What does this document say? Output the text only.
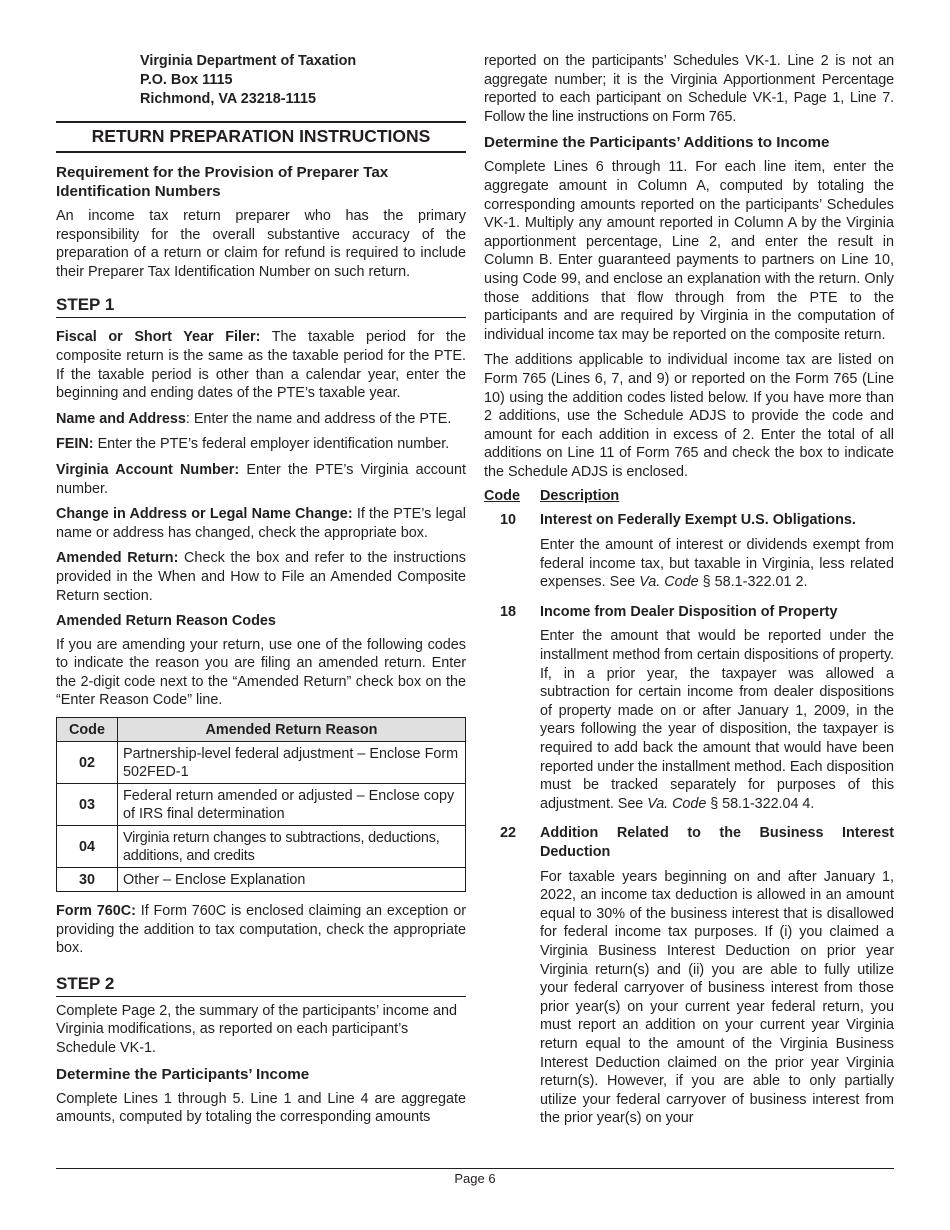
Virginia Department of Taxation
P.O. Box 1115
Richmond, VA 23218-1115
RETURN PREPARATION INSTRUCTIONS
Requirement for the Provision of Preparer Tax Identification Numbers

An income tax return preparer who has the primary responsibility for the overall substantive accuracy of the preparation of a return or claim for refund is required to include their Preparer Tax Identification Number on such return.

STEP 1

Fiscal or Short Year Filer: The taxable period for the composite return is the same as the taxable period for the PTE. If the taxable period is other than a calendar year, enter the beginning and ending dates of the PTE’s taxable year.

Name and Address: Enter the name and address of the PTE.

FEIN: Enter the PTE’s federal employer identification number.

Virginia Account Number: Enter the PTE’s Virginia account number.

Change in Address or Legal Name Change: If the PTE’s legal name or address has changed, check the appropriate box.

Amended Return: Check the box and refer to the instructions provided in the When and How to File an Amended Composite Return section.

Amended Return Reason Codes

If you are amending your return, use one of the following codes to indicate the reason you are filing an amended return. Enter the 2-digit code next to the “Amended Return” check box on the “Enter Reason Code” line.

Code	Amended Return Reason
02	Partnership-level federal adjustment – Enclose Form 502FED-1
03	Federal return amended or adjusted – Enclose copy of IRS final determination
04	Virginia return changes to subtractions, deductions, additions, and credits
30	Other – Enclose Explanation

Form 760C: If Form 760C is enclosed claiming an exception or providing the addition to tax computation, check the appropriate box.

STEP 2

Complete Page 2, the summary of the participants’ income and Virginia modifications, as reported on each participant’s Schedule VK-1.

Determine the Participants’ Income

Complete Lines 1 through 5. Line 1 and Line 4 are aggregate amounts, computed by totaling the corresponding amounts

reported on the participants’ Schedules VK-1. Line 2 is not an aggregate number; it is the Virginia Apportionment Percentage reported to each participant on Schedule VK-1, Page 1, Line 7. Follow the line instructions on Form 765.

Determine the Participants’ Additions to Income

Complete Lines 6 through 11. For each line item, enter the aggregate amount in Column A, computed by totaling the corresponding amounts reported on the participants’ Schedules VK-1. Multiply any amount reported in Column A by the Virginia apportionment percentage, Line 2, and enter the result in Column B. Enter guaranteed payments to partners on Line 10, using Code 99, and enclose an explanation with the return. Only those additions that flow through from the PTE to the participants and are required by Virginia in the computation of individual income tax may be reported on the composite return.

The additions applicable to individual income tax are listed on Form 765 (Lines 6, 7, and 9) or reported on the Form 765 (Line 10) using the addition codes listed below. If you have more than 2 additions, use the Schedule ADJS to provide the code and amount for each addition in excess of 2. Enter the total of all additions on Line 11 of Form 765 and check the box to indicate the Schedule ADJS is enclosed.

Code	Description
10	Interest on Federally Exempt U.S. Obligations.

Enter the amount of interest or dividends exempt from federal income tax, but taxable in Virginia, less related expenses. See Va. Code § 58.1-322.01 2.

18	Income from Dealer Disposition of Property

Enter the amount that would be reported under the installment method from certain dispositions of property. If, in a prior year, the taxpayer was allowed a subtraction for certain income from dealer dispositions of property made on or after January 1, 2009, in the years following the year of disposition, the taxpayer is required to add back the amount that would have been reported under the installment method. Each disposition must be tracked separately for purposes of this adjustment. See Va. Code § 58.1-322.04 4.

22	Addition Related to the Business Interest Deduction

For taxable years beginning on and after January 1, 2022, an income tax deduction is allowed in an amount equal to 30% of the business interest that is disallowed for federal income tax purposes. If (i) you claimed a Virginia Business Interest Deduction on prior year Virginia return(s) and (ii) you are able to fully utilize your federal carryover of business interest from those prior year(s) on your current year federal return, you must report an addition on your current year Virginia return equal to the amount of the Virginia Business Interest Deduction claimed on the prior year Virginia return(s). However, if you are able to only partially utilize your federal carryover of business interest from the prior year(s) on your

Page 6
